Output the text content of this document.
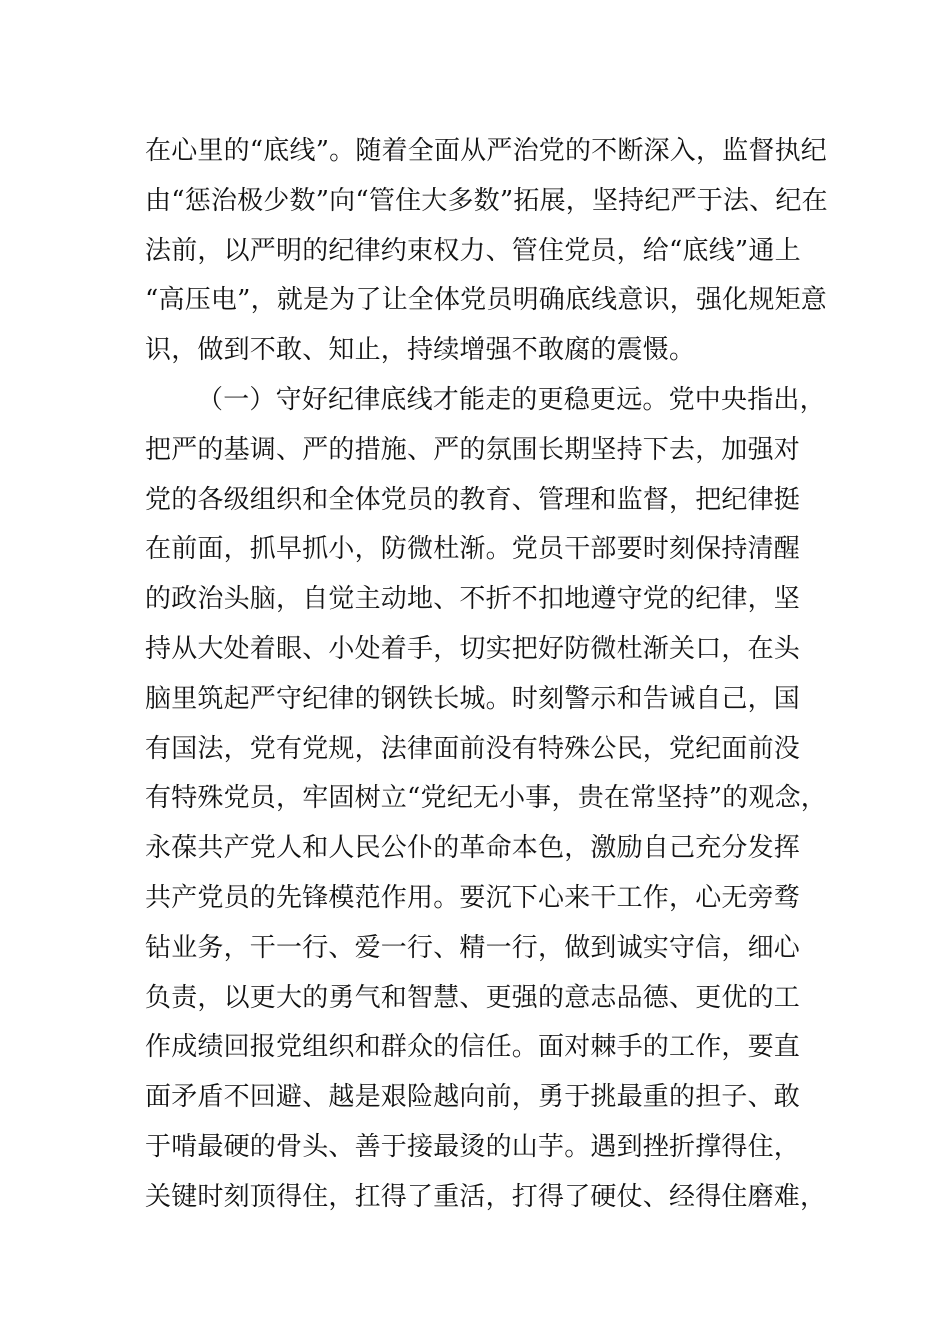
在心里的“底线”。随着全面从严治党的不断深入，监督执纪
由“惩治极少数”向“管住大多数”拓展，坚持纪严于法、纪在
法前，以严明的纪律约束权力、管住党员，给“底线”通上
“高压电”，就是为了让全体党员明确底线意识，强化规矩意
识，做到不敢、知止，持续增强不敢腐的震慑。
（一）守好纪律底线才能走的更稳更远。党中央指出，
把严的基调、严的措施、严的氛围长期坚持下去，加强对
党的各级组织和全体党员的教育、管理和监督，把纪律挺
在前面，抓早抓小，防微杜渐。党员干部要时刻保持清醒
的政治头脑，自觉主动地、不折不扣地遵守党的纪律，坚
持从大处着眼、小处着手，切实把好防微杜渐关口，在头
脑里筑起严守纪律的钢铁长城。时刻警示和告诫自己，国
有国法，党有党规，法律面前没有特殊公民，党纪面前没
有特殊党员，牢固树立“党纪无小事，贵在常坚持”的观念，
永葆共产党人和人民公仆的革命本色，激励自己充分发挥
共产党员的先锋模范作用。要沉下心来干工作，心无旁骛
钻业务，干一行、爱一行、精一行，做到诚实守信，细心
负责，以更大的勇气和智慧、更强的意志品德、更优的工
作成绩回报党组织和群众的信任。面对棘手的工作，要直
面矛盾不回避、越是艰险越向前，勇于挑最重的担子、敢
于啃最硬的骨头、善于接最烫的山芋。遇到挫折撑得住，
关键时刻顶得住，扛得了重活，打得了硬仗、经得住磨难，
